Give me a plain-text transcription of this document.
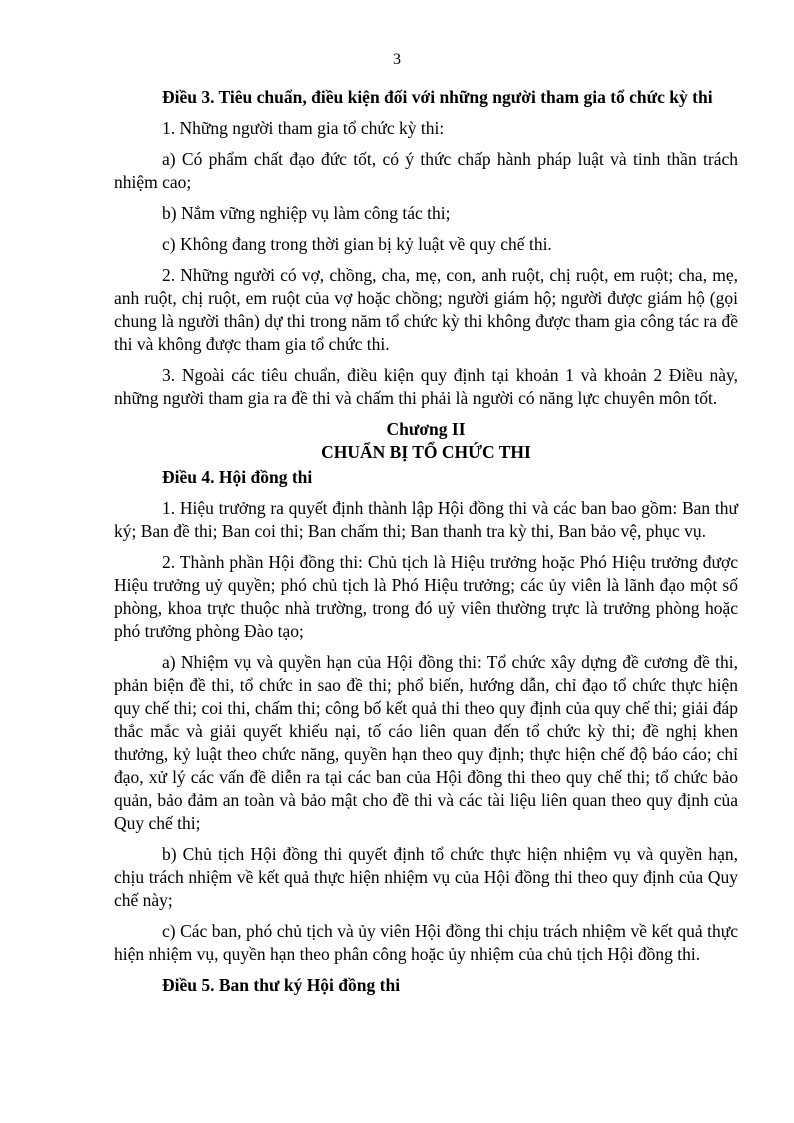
3

Điều 3. Tiêu chuẩn, điều kiện đối với những người tham gia tổ chức kỳ thi

1. Những người tham gia tổ chức kỳ thi:

a) Có phẩm chất đạo đức tốt, có ý thức chấp hành pháp luật và tinh thần trách nhiệm cao;

b) Nắm vững nghiệp vụ làm công tác thi;

c) Không đang trong thời gian bị kỷ luật về quy chế thi.

2. Những người có vợ, chồng, cha, mẹ, con, anh ruột, chị ruột, em ruột; cha, mẹ, anh ruột, chị ruột, em ruột của vợ hoặc chồng; người giám hộ; người được giám hộ (gọi chung là người thân) dự thi trong năm tổ chức kỳ thi không được tham gia công tác ra đề thi và không được tham gia tổ chức thi.

3. Ngoài các tiêu chuẩn, điều kiện quy định tại khoản 1 và khoản 2 Điều này, những người tham gia ra đề thi và chấm thi phải là người có năng lực chuyên môn tốt.

Chương II

CHUẨN BỊ TỔ CHỨC THI

Điều 4. Hội đồng thi

1. Hiệu trưởng ra quyết định thành lập Hội đồng thi và các ban bao gồm: Ban thư ký; Ban đề thi; Ban coi thi; Ban chấm thi; Ban thanh tra kỳ thi, Ban bảo vệ, phục vụ.

2. Thành phần Hội đồng thi: Chủ tịch là Hiệu trưởng hoặc Phó Hiệu trưởng được Hiệu trưởng uỷ quyền; phó chủ tịch là Phó Hiệu trưởng; các ủy viên là lãnh đạo một số phòng, khoa trực thuộc nhà trường, trong đó uỷ viên thường trực là trưởng phòng hoặc phó trưởng phòng Đào tạo;

a) Nhiệm vụ và quyền hạn của Hội đồng thi: Tổ chức xây dựng đề cương đề thi, phản biện đề thi, tổ chức in sao đề thi; phổ biến, hướng dẫn, chỉ đạo tổ chức thực hiện quy chế thi; coi thi, chấm thi; công bố kết quả thi theo quy định của quy chế thi; giải đáp thắc mắc và giải quyết khiếu nại, tố cáo liên quan đến tổ chức kỳ thi; đề nghị khen thưởng, kỷ luật theo chức năng, quyền hạn theo quy định; thực hiện chế độ báo cáo; chỉ đạo, xử lý các vấn đề diễn ra tại các ban của Hội đồng thi theo quy chế thi; tổ chức bảo quản, bảo đảm an toàn và bảo mật cho đề thi và các tài liệu liên quan theo quy định của Quy chế thi;

b) Chủ tịch Hội đồng thi quyết định tổ chức thực hiện nhiệm vụ và quyền hạn, chịu trách nhiệm về kết quả thực hiện nhiệm vụ của Hội đồng thi theo quy định của Quy chế này;

c) Các ban, phó chủ tịch và ủy viên Hội đồng thi chịu trách nhiệm về kết quả thực hiện nhiệm vụ, quyền hạn theo phân công hoặc ủy nhiệm của chủ tịch Hội đồng thi.

Điều 5. Ban thư ký Hội đồng thi
